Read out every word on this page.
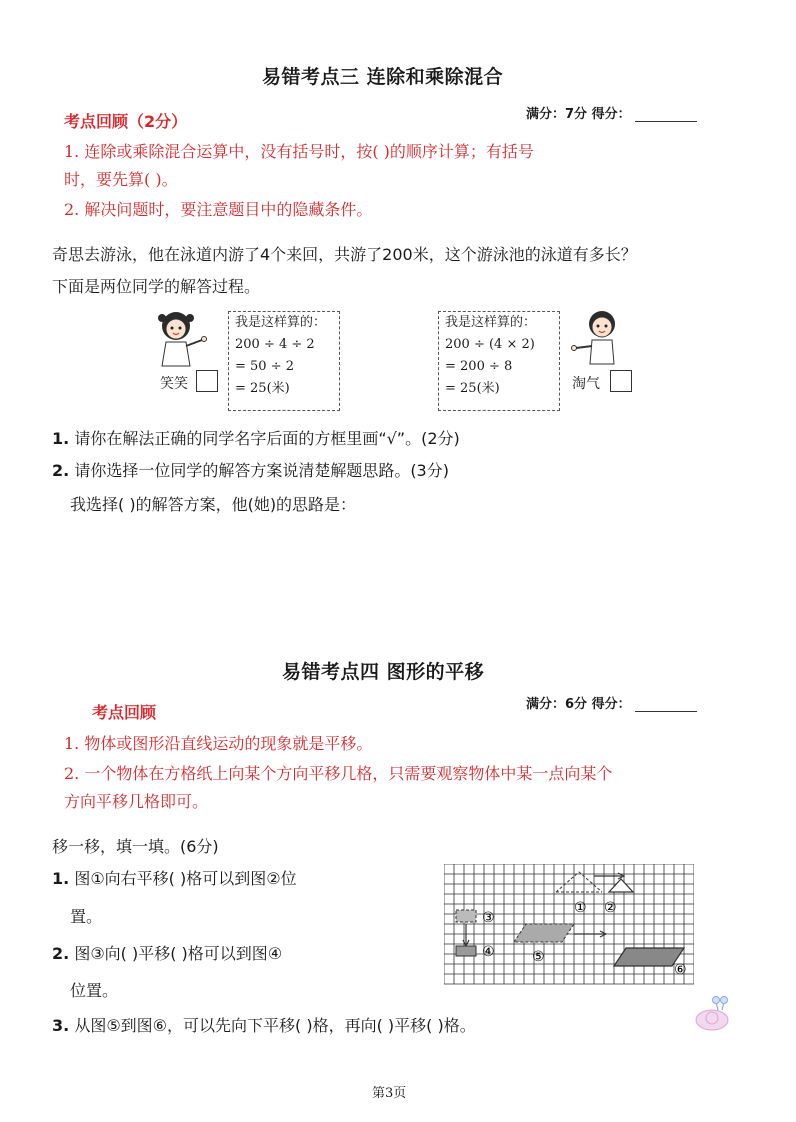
易错考点三 连除和乘除混合
考点回顾（2分）	满分：7分 得分：
1. 连除或乘除混合运算中，没有括号时，按( )的顺序计算；有括号
时，要先算( )。
2. 解决问题时，要注意题目中的隐藏条件。
奇思去游泳，他在泳道内游了4个来回，共游了200米，这个游泳池的泳道有多长？
下面是两位同学的解答过程。
笑笑
我是这样算的：
200 ÷ 4 ÷ 2
= 50 ÷ 2
= 25(米)
我是这样算的：
200 ÷ (4 × 2)
= 200 ÷ 8
= 25(米)	淘气
1. 请你在解法正确的同学名字后面的方框里画“√”。(2分)
2. 请你选择一位同学的解答方案说清楚解题思路。(3分)
我选择( )的解答方案，他(她)的思路是：
易错考点四 图形的平移
考点回顾	满分：6分 得分：
1. 物体或图形沿直线运动的现象就是平移。
2. 一个物体在方格纸上向某个方向平移几格，只需要观察物体中某一点向某个
方向平移几格即可。
移一移，填一填。(6分)
1. 图①向右平移( )格可以到图②位
置。
2. 图③向( )平移( )格可以到图④
位置。
3. 从图⑤到图⑥，可以先向下平移( )格，再向( )平移( )格。
① ②
③
④	⑤
⑥
第3页
